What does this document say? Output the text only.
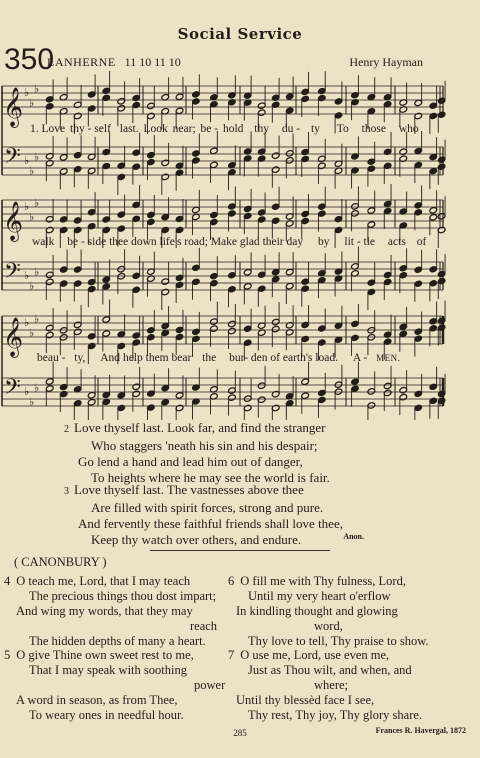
Social Service
350
LANHERNE 11 10 11 10	Henry Hayman
𝄞 ♭
♭
♭
𝄢 ♭
♭
♭
𝄞 ♭
♭
♭
𝄢 ♭
♭
♭
𝄞 ♭
♭
♭
𝄢 ♭
♭
♭
1. Love thy - self last. Look near; be - hold thy du - ty To those who
walk be - side thee down life's road; Make glad their day by lit - tle acts of
beau - ty, And help them bear the bur- den of earth's load. A - MEN.
2 Love thyself last. Look far, and find the stranger
Who staggers 'neath his sin and his despair;
Go lend a hand and lead him out of danger,
To heights where he may see the world is fair.
3 Love thyself last. The vastnesses above thee
Are filled with spirit forces, strong and pure.
And fervently these faithful friends shall love thee,
Keep thy watch over others, and endure.	Anon.
( CANONBURY )
4 O teach me, Lord, that I may teach
The precious things thou dost impart;
And wing my words, that they may
reach
The hidden depths of many a heart.
5 O give Thine own sweet rest to me,
That I may speak with soothing
power
A word in season, as from Thee,
To weary ones in needful hour.
6 O fill me with Thy fulness, Lord,
Until my very heart o'erflow
In kindling thought and glowing
word,
Thy love to tell, Thy praise to show.
7 O use me, Lord, use even me,
Just as Thou wilt, and when, and
where;
Until thy blessèd face I see,
Thy rest, Thy joy, Thy glory share.
Frances R. Havergal, 1872
285
